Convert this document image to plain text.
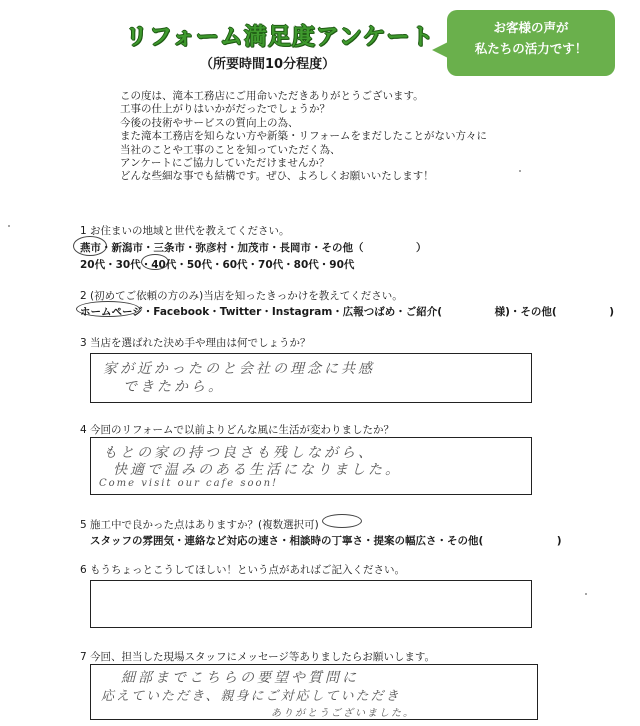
リフォーム満足度アンケート
（所要時間10分程度）
お客様の声が
私たちの活力です！
この度は、滝本工務店にご用命いただきありがとうございます。
工事の仕上がりはいかがだったでしょうか？
今後の技術やサービスの質向上の為、
また滝本工務店を知らない方や新築・リフォームをまだしたことがない方々に
当社のことや工事のことを知っていただく為、
アンケートにご協力していただけませんか？
どんな些細な事でも結構です。ぜひ、よろしくお願いいたします！
1 お住まいの地域と世代を教えてください。
燕市・新潟市・三条市・弥彦村・加茂市・長岡市・その他（　　　　　）
20代・30代・40代・50代・60代・70代・80代・90代
2 (初めてご依頼の方のみ)当店を知ったきっかけを教えてください。
ホームページ・Facebook・Twitter・Instagram・広報つばめ・ご紹介(　　　　　様)・その他(　　　　　)
3 当店を選ばれた決め手や理由は何でしょうか？
家が近かったのと会社の理念に共感
できたから。
4 今回のリフォームで以前よりどんな風に生活が変わりましたか？
もとの家の持つ良さも残しながら、
快適で温みのある生活になりました。
Come visit our cafe soon!
5 施工中で良かった点はありますか？(複数選択可)
スタッフの雰囲気・連絡など対応の速さ・相談時の丁寧さ・提案の幅広さ・その他(　　　　　　　)
6 もうちょっとこうしてほしい！という点があればご記入ください。
7 今回、担当した現場スタッフにメッセージ等ありましたらお願いします。
細部までこちらの要望や質問に
応えていただき、親身にご対応していただき
ありがとうございました。
